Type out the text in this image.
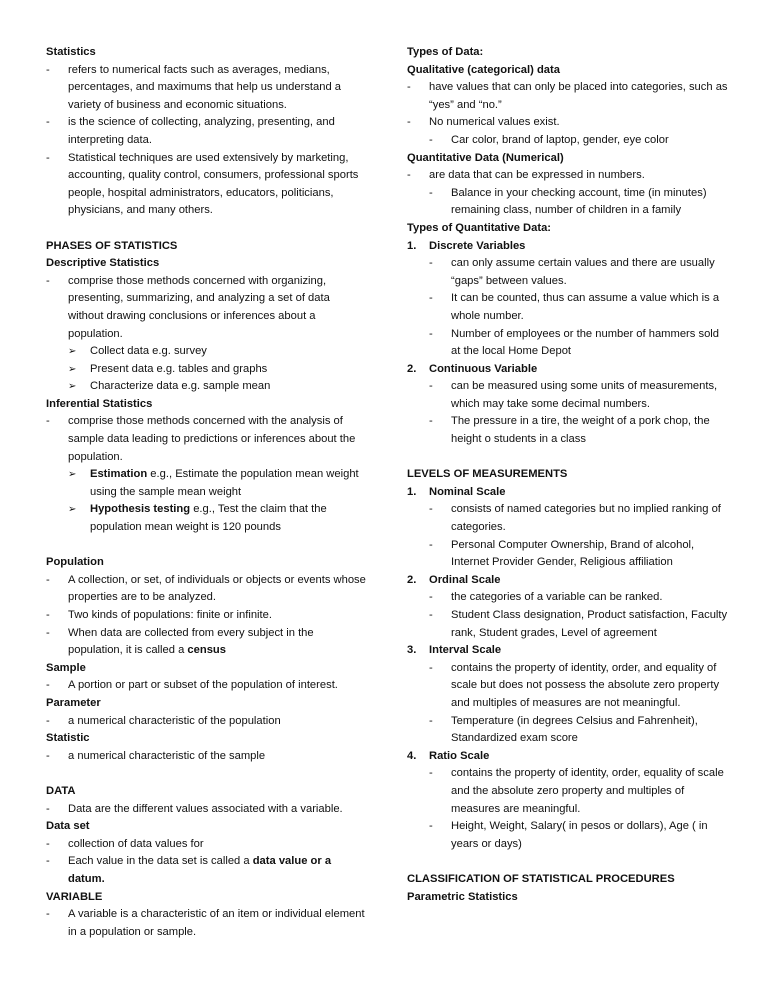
Statistics

- refers to numerical facts such as averages, medians, percentages, and maximums that help us understand a variety of business and economic situations.

- is the science of collecting, analyzing, presenting, and interpreting data.

- Statistical techniques are used extensively by marketing, accounting, quality control, consumers, professional sports people, hospital administrators, educators, politicians, physicians, and many others.

PHASES OF STATISTICS

Descriptive Statistics

- comprise those methods concerned with organizing, presenting, summarizing, and analyzing a set of data without drawing conclusions or inferences about a population.

➢ Collect data e.g. survey

➢ Present data e.g. tables and graphs

➢ Characterize data e.g. sample mean

Inferential Statistics

- comprise those methods concerned with the analysis of sample data leading to predictions or inferences about the population.

➢ Estimation e.g., Estimate the population mean weight using the sample mean weight

➢ Hypothesis testing e.g., Test the claim that the population mean weight is 120 pounds

Population

- A collection, or set, of individuals or objects or events whose properties are to be analyzed.

- Two kinds of populations: finite or infinite.

- When data are collected from every subject in the population, it is called a census

Sample

- A portion or part or subset of the population of interest.

Parameter

- a numerical characteristic of the population

Statistic

- a numerical characteristic of the sample

DATA

- Data are the different values associated with a variable.

Data set

- collection of data values for

- Each value in the data set is called a data value or a datum.

VARIABLE

- A variable is a characteristic of an item or individual element in a population or sample.

Types of Data:

Qualitative (categorical) data

- have values that can only be placed into categories, such as “yes” and “no.”

- No numerical values exist.

- Car color, brand of laptop, gender, eye color

Quantitative Data (Numerical)

- are data that can be expressed in numbers.

- Balance in your checking account, time (in minutes) remaining class, number of children in a family

Types of Quantitative Data:

1. Discrete Variables

- can only assume certain values and there are usually “gaps” between values.

- It can be counted, thus can assume a value which is a whole number.

- Number of employees or the number of hammers sold at the local Home Depot

2. Continuous Variable

- can be measured using some units of measurements, which may take some decimal numbers.

- The pressure in a tire, the weight of a pork chop, the height o students in a class

LEVELS OF MEASUREMENTS

1. Nominal Scale

- consists of named categories but no implied ranking of categories.

- Personal Computer Ownership, Brand of alcohol, Internet Provider Gender, Religious affiliation

2. Ordinal Scale

- the categories of a variable can be ranked.

- Student Class designation, Product satisfaction, Faculty rank, Student grades, Level of agreement

3. Interval Scale

- contains the property of identity, order, and equality of scale but does not possess the absolute zero property and multiples of measures are not meaningful.

- Temperature (in degrees Celsius and Fahrenheit), Standardized exam score

4. Ratio Scale

- contains the property of identity, order, equality of scale and the absolute zero property and multiples of measures are meaningful.

- Height, Weight, Salary( in pesos or dollars), Age ( in years or days)

CLASSIFICATION OF STATISTICAL PROCEDURES

Parametric Statistics
